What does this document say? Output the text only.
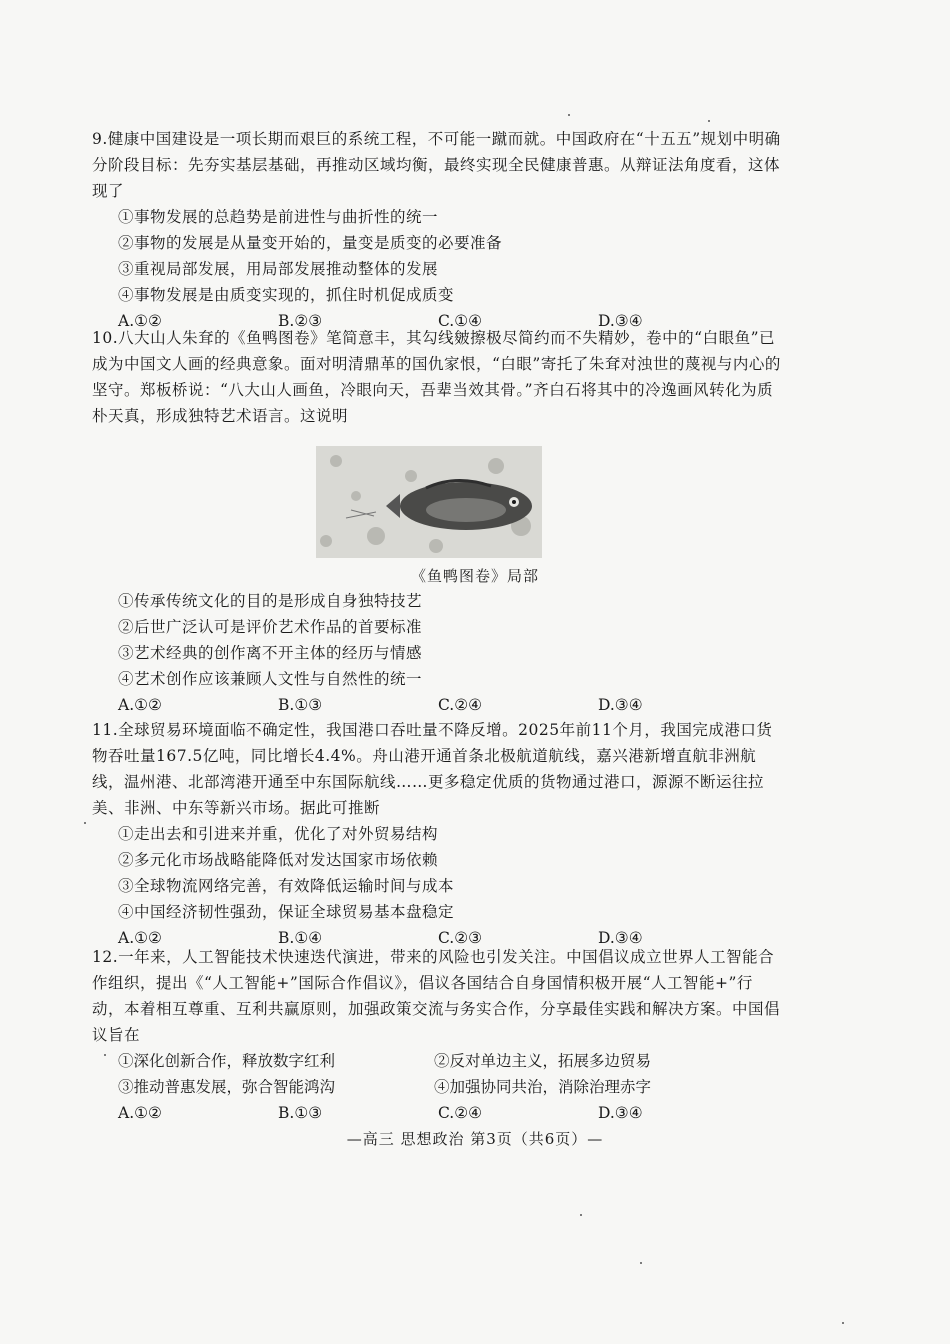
9.健康中国建设是一项长期而艰巨的系统工程，不可能一蹴而就。中国政府在“十五五”规划中明确分阶段目标：先夯实基层基础，再推动区域均衡，最终实现全民健康普惠。从辩证法角度看，这体现了

①事物发展的总趋势是前进性与曲折性的统一
②事物的发展是从量变开始的，量变是质变的必要准备
③重视局部发展，用局部发展推动整体的发展
④事物发展是由质变实现的，抓住时机促成质变
A.①②	B.②③	C.①④	D.③④

10.八大山人朱耷的《鱼鸭图卷》笔简意丰，其勾线皴擦极尽简约而不失精妙，卷中的“白眼鱼”已成为中国文人画的经典意象。面对明清鼎革的国仇家恨，“白眼”寄托了朱耷对浊世的蔑视与内心的坚守。郑板桥说：“八大山人画鱼，冷眼向天，吾辈当效其骨。”齐白石将其中的冷逸画风转化为质朴天真，形成独特艺术语言。这说明

《鱼鸭图卷》局部
①传承传统文化的目的是形成自身独特技艺
②后世广泛认可是评价艺术作品的首要标准
③艺术经典的创作离不开主体的经历与情感
④艺术创作应该兼顾人文性与自然性的统一
A.①②	B.①③	C.②④	D.③④

11.全球贸易环境面临不确定性，我国港口吞吐量不降反增。2025年前11个月，我国完成港口货物吞吐量167.5亿吨，同比增长4.4%。舟山港开通首条北极航道航线，嘉兴港新增直航非洲航线，温州港、北部湾港开通至中东国际航线……更多稳定优质的货物通过港口，源源不断运往拉美、非洲、中东等新兴市场。据此可推断

①走出去和引进来并重，优化了对外贸易结构
②多元化市场战略能降低对发达国家市场依赖
③全球物流网络完善，有效降低运输时间与成本
④中国经济韧性强劲，保证全球贸易基本盘稳定
A.①②	B.①④	C.②③	D.③④

12.一年来，人工智能技术快速迭代演进，带来的风险也引发关注。中国倡议成立世界人工智能合作组织，提出《“人工智能+”国际合作倡议》，倡议各国结合自身国情积极开展“人工智能+”行动，本着相互尊重、互利共赢原则，加强政策交流与务实合作，分享最佳实践和解决方案。中国倡议旨在

①深化创新合作，释放数字红利	②反对单边主义，拓展多边贸易
③推动普惠发展，弥合智能鸿沟	④加强协同共治，消除治理赤字
A.①②	B.①③	C.②④	D.③④
—高三 思想政治 第3页（共6页）—
